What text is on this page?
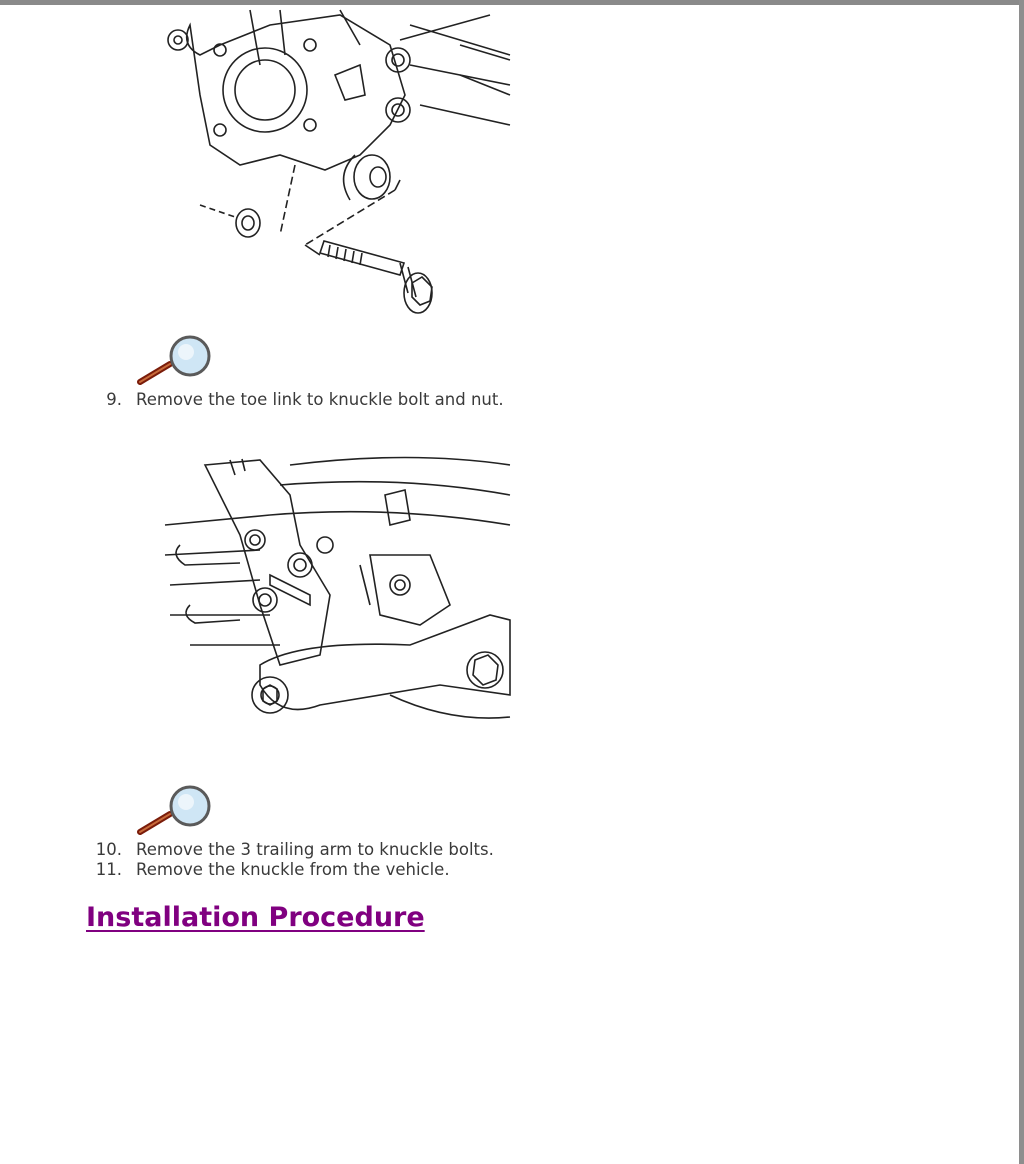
9. Remove the toe link to knuckle bolt and nut.
10. Remove the 3 trailing arm to knuckle bolts.
11. Remove the knuckle from the vehicle.
Installation Procedure
